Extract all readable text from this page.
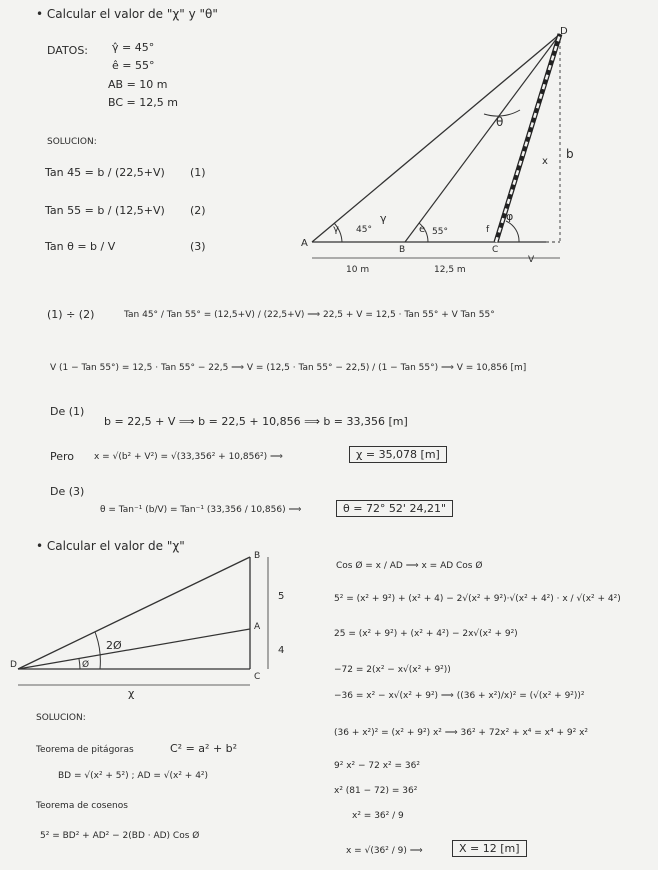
• Calcular el valor de "χ" y "θ"
DATOS: γ̂ = 45°
ê = 55°
AB = 10 m
BC = 12,5 m
SOLUCION:
Tan 45 = b / (22,5+V) (1)
Tan 55 = b / (12,5+V) (2)
Tan θ = b / V	(3)	A
D
B	C
θ
b
x
45°
γ
γ
e 55°
φ
f
10 m	12,5 m
V
(1) ÷ (2)	Tan 45° / Tan 55° = (12,5+V) / (22,5+V) ⟹ 22,5 + V = 12,5 · Tan 55° + V Tan 55°
V (1 − Tan 55°) = 12,5 · Tan 55° − 22,5 ⟹ V = (12,5 · Tan 55° − 22,5) / (1 − Tan 55°) ⟹ V = 10,856 [m]
De (1)
b = 22,5 + V ⟹ b = 22,5 + 10,856 ⟹ b = 33,356 [m]
Pero x = √(b² + V²) = √(33,356² + 10,856²) ⟹	χ = 35,078 [m]
De (3)
θ = Tan⁻¹ (b/V) = Tan⁻¹ (33,356 / 10,856) ⟹	θ = 72° 52' 24,21"
• Calcular el valor de "χ"
B
A
C
D
5
4
2Ø
Ø
χ
SOLUCION:
Teorema de pitágoras	C² = a² + b²
BD = √(x² + 5²) ; AD = √(x² + 4²)
Teorema de cosenos
5² = BD² + AD² − 2(BD · AD) Cos Ø
Cos Ø = x / AD ⟹ x = AD Cos Ø
5² = (x² + 9²) + (x² + 4) − 2√(x² + 9²)·√(x² + 4²) · x / √(x² + 4²)
25 = (x² + 9²) + (x² + 4²) − 2x√(x² + 9²)
−72 = 2(x² − x√(x² + 9²))
−36 = x² − x√(x² + 9²) ⟹ ((36 + x²)/x)² = (√(x² + 9²))²
(36 + x²)² = (x² + 9²) x² ⟹ 36² + 72x² + x⁴ = x⁴ + 9² x²
9² x² − 72 x² = 36²
x² (81 − 72) = 36²
x² = 36² / 9
x = √(36² / 9) ⟹	X = 12 [m]
